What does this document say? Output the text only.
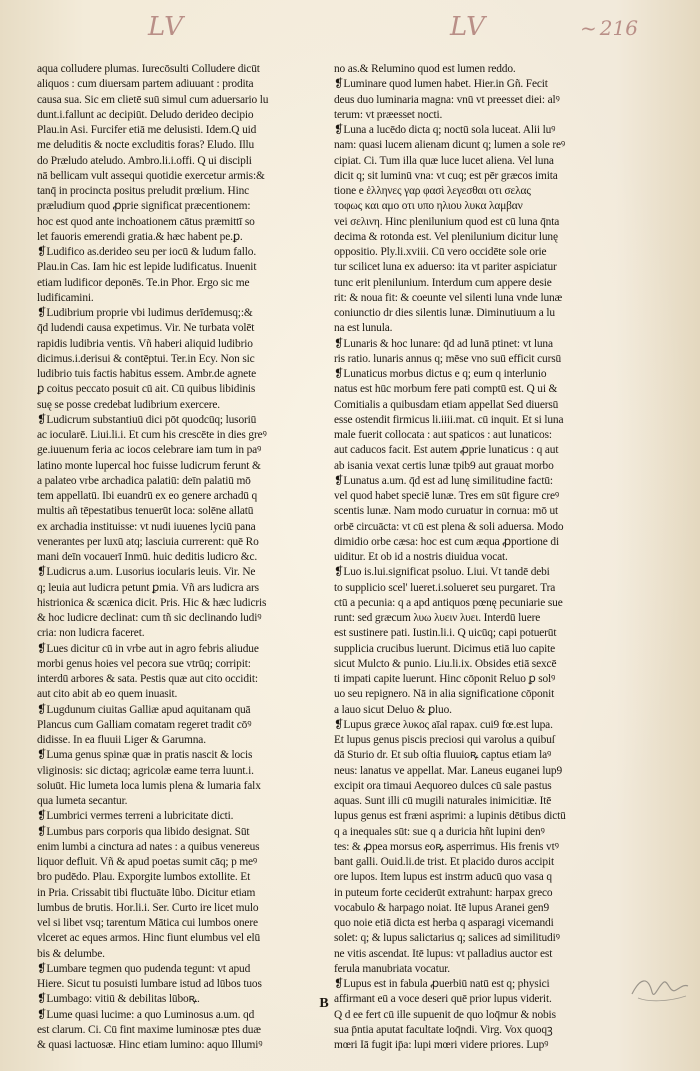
LV	LV	~ 216
aqua colludere plumas. Iurecōsulti Colludere dicūt
aliquos : cum diuersam partem adiuuant : prodita
causa sua. Sic em clietē suū simul cum aduersario lu
dunt.i.fallunt ac decipiūt. Deludo derideo decipio
Plau.in Asi. Furcifer etiā me delusisti. Idem.Q uid
me deluditis & nocte excluditis foras? Eludo. Illu
do Præludo ateludo. Ambro.li.i.offi. Q ui discipli
nā bellicam vult assequi quotidie exercetur armis:&
tanq̄ in procincta positus preludit prœlium. Hinc
præludium quod ꝓprie significat præcentionem:
hoc est quod ante inchoationem cātus præmittī so
let fauoris emerendi gratia.& hæc habent pe.ꝑ.
❡Ludifico as.derideo seu per iocū & ludum fallo.
Plau.in Cas. Iam hic est lepide ludificatus. Inuenit
etiam ludificor deponēs. Te.in Phor. Ergo sic me
ludificamini.
❡Ludibrium proprie vbi ludimus derīdemusq;:&
q̄d ludendi causa expetimus. Vir. Ne turbata volēt
rapidis ludibria ventis. Vñ haberi aliquid ludibrio
dicimus.i.derisui & contēptui. Ter.in Ecy. Non sic
ludibrio tuis factis habitus essem. Ambr.de agnete
ꝑ coitus peccato posuit cū ait. Cū quibus libidinis
suę se posse credebat ludibrium exercere.
❡Ludicrum substantiuū dici pōt quodcūq; lusoriū
ac iocularē. Liui.li.i. Et cum his crescēte in dies greꝰ
ge.iuuenum feria ac iocos celebrare iam tum in paꝰ
latino monte lupercal hoc fuisse ludicrum ferunt &
a palateo vrbe archadica palatiū: deīn palatiū mō
tem appellatū. Ibi euandrū ex eo genere archadū q
multis añ tēpestatibus tenuerūt loca: solēne allatū
ex archadia instituisse: vt nudi iuuenes lyciū pana
venerantes per luxū atq; lasciuia currerent: quē Ro
mani deīn vocauerī Inmū. huic deditis ludicro &c.
❡Ludicrus a.um. Lusorius iocularis leuis. Vir. Ne
q; leuia aut ludicra petunt ꝑmia. Vñ ars ludicra ars
histrionica & scænica dicit. Pris. Hic & hæc ludicris
& hoc ludicre declinat: cum tñ sic declinando ludiꝰ
cria: non ludicra faceret.
❡Lues dicitur cū in vrbe aut in agro febris aliudue
morbi genus hoies vel pecora sue vtrūq; corripit:
interdū arbores & sata. Pestis quæ aut cito occidit:
aut cito abit ab eo quem inuasit.
❡Lugdunum ciuitas Galliæ apud aquitanam quā
Plancus cum Galliam comatam regeret tradit cōꝰ
didisse. In ea fluuii Liger & Garumna.
❡Luma genus spinæ quæ in pratis nascit & locis
vliginosis: sic dictaq; agricolæ eame terra luunt.i.
soluūt. Hic lumeta loca lumis plena & lumaria falx
qua lumeta secantur.
❡Lumbrici vermes terreni a lubricitate dicti.
❡Lumbus pars corporis qua libido designat. Sūt
enim lumbi a cinctura ad nates : a quibus venereus
liquor defluit. Vñ & apud poetas sumit cāq; p meꝰ
bro pudēdo. Plau. Exporgite lumbos extollite. Et
in Pria. Crissabit tibi fluctuāte lūbo. Dicitur etiam
lumbus de brutis. Hor.li.i. Ser. Curto ire licet mulo
vel si libet vsq; tarentum Mātica cui lumbos onere
vlceret ac eques armos. Hinc fiunt elumbus vel elū
bis & delumbe.
❡Lumbare tegmen quo pudenda tegunt: vt apud
Hiere. Sicut tu posuisti lumbare istud ad lūbos tuos
❡Lumbago: vitiū & debilitas lūboꝶ.
❡Lume quasi lucime: a quo Luminosus a.um. qd
est clarum. Ci. Cū fint maxime luminosæ ptes duæ
& quasi lactuosæ. Hinc etiam lumino: aquo Illumiꝰ
no as.& Relumino quod est lumen reddo.
❡Luminare quod lumen habet. Hier.in Gñ. Fecit
deus duo luminaria magna: vnū vt preesset diei: alꝰ
terum: vt præesset nocti.
❡Luna a lucēdo dicta q; noctū sola luceat. Alii luꝰ
nam: quasi lucem alienam dicunt q; lumen a sole reꝰ
cipiat. Ci. Tum illa quæ luce lucet aliena. Vel luna
dicit q; sit luminū vna: vt cuq; est pēr græcos imita
tione e ἑλληνες γαρ φασὶ λεγεσθαι οτι σελας
τοφως και αμο οτι υπο ηλιου λυκα λαμβαν
vei σελινη. Hinc plenilunium quod est cū luna q̄nta
decima & rotonda est. Vel plenilunium dicitur lunę
oppositio. Ply.li.xviii. Cū vero occidēte sole orie
tur scilicet luna ex aduerso: ita vt pariter aspiciatur
tunc erit plenilunium. Interdum cum appere desie
rit: & noua fit: & coeunte vel silenti luna vnde lunæ
coniunctio dr dies silentis lunæ. Diminutiuum a lu
na est lunula.
❡Lunaris & hoc lunare: q̄d ad lunā ptinet: vt luna
ris ratio. lunaris annus q; mēse vno suū efficit cursū
❡Lunaticus morbus dictus e q; eum q interlunio
natus est hūc morbum fere pati comptū est. Q ui &
Comitialis a quibusdam etiam appellat Sed diuersū
esse ostendit firmicus li.iiii.mat. cū inquit. Et si luna
male fuerit collocata : aut spaticos : aut lunaticos:
aut caducos facit. Est autem ꝓprie lunaticus : q aut
ab isania vexat certis lunæ tpib9 aut grauat morbo
❡Lunatus a.um. q̄d est ad lunę similitudine factū:
vel quod habet speciē lunæ. Tres em sūt figure creꝰ
scentis lunæ. Nam modo curuatur in cornua: mō ut
orbē circuācta: vt cū est plena & soli aduersa. Modo
dimidio orbe cæsa: hoc est cum æqua ꝓportione di
uiditur. Et ob id a nostris diuidua vocat.
❡Luo is.lui.significat psoluo. Liui. Vt tandē debi
to supplicio scel' lueret.i.solueret seu purgaret. Tra
ctū a pecunia: q a apd antiquos pœnę pecuniarie sue
runt: sed græcum λυω λυειν λυει. Interdū luere
est sustinere pati. Iustin.li.i. Q uicūq; capi potuerūt
supplicia crucibus luerunt. Dicimus etiā luo capite
sicut Mulcto & punio. Liu.li.ix. Obsides etiā sexcē
ti impati capite luerunt. Hinc cōponit Reluo ꝑ solꝰ
uo seu repignero. Nā in alia significatione cōponit
a lauo sicut Deluo & ꝑluo.
❡Lupus græce λυκος aīal rapax. cui9 fœ.est lupa.
Et lupus genus piscis preciosi qui varolus a quibuſ
dā Sturio dr. Et sub oſtia fluuioꝶ captus etiam laꝰ
neus: lanatus ve appellat. Mar. Laneus euganei lup9
excipit ora timaui Aequoreo dulces cū sale pastus
aquas. Sunt illi cū mugili naturales inimicitiæ. Itē
lupus genus est fræni asprimi: a lupinis dētibus dictū
q a inequales sūt: sue q a duricia hñt lupini denꝰ
tes: & ꝓpea morsus eoꝶ asperrimus. His frenis vtꝰ
bant galli. Ouid.li.de trist. Et placido duros accipit
ore lupos. Item lupus est instrm aducū quo vasa q
in puteum forte ceciderūt extrahunt: harpax greco
vocabulo & harpago noiat. Itē lupus Aranei gen9
quo noie etiā dicta est herba q asparagi vicemandi
solet: q; & lupus salictarius q; salices ad similitudiꝰ
ne vitis ascendat. Itē lupus: vt palladius auctor est
ferula manubriata vocatur.
❡Lupus est in fabula ꝓuerbiū natū est q; physici
affirmant eū a voce deseri quē prior lupus viderit.
Q d ee fert cū ille supuenit de quo loq̄mur & nobis
sua p̄ntia aputat facultate loq̄ndi. Virg. Vox quoqꝫ
mœri Iā fugit ip̄a: lupi mœri videre priores. Lupꝰ
B
